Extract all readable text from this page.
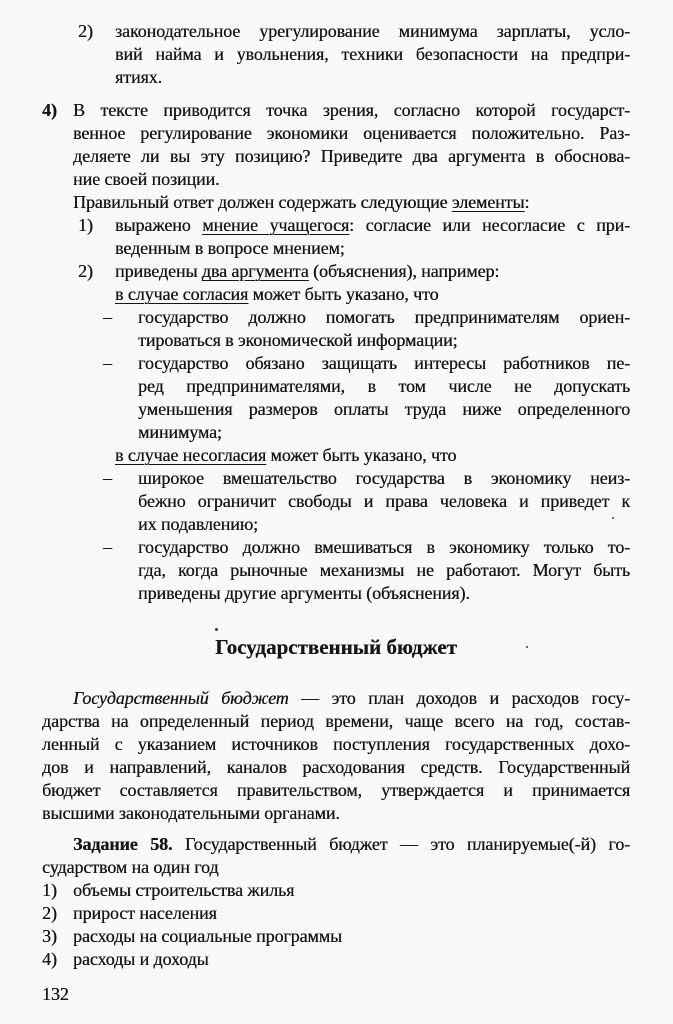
2) законодательное урегулирование минимума зарплаты, усло-
вий найма и увольнения, техники безопасности на предпри-
ятиях.
4) В тексте приводится точка зрения, согласно которой государст-
венное регулирование экономики оценивается положительно. Раз-
деляете ли вы эту позицию? Приведите два аргумента в обоснова-
ние своей позиции.
Правильный ответ должен содержать следующие элементы:
1) выражено мнение учащегося: согласие или несогласие с при-
веденным в вопросе мнением;
2) приведены два аргумента (объяснения), например:
в случае согласия может быть указано, что
– государство должно помогать предпринимателям ориен-
тироваться в экономической информации;
– государство обязано защищать интересы работников пе-
ред предпринимателями, в том числе не допускать
уменьшения размеров оплаты труда ниже определенного
минимума;
в случае несогласия может быть указано, что
– широкое вмешательство государства в экономику неиз-
бежно ограничит свободы и права человека и приведет к
их подавлению;
– государство должно вмешиваться в экономику только то-
гда, когда рыночные механизмы не работают. Могут быть
приведены другие аргументы (объяснения).
Государственный бюджет
Государственный бюджет — это план доходов и расходов госу-
дарства на определенный период времени, чаще всего на год, состав-
ленный с указанием источников поступления государственных дохо-
дов и направлений, каналов расходования средств. Государственный
бюджет составляется правительством, утверждается и принимается
высшими законодательными органами.
Задание 58. Государственный бюджет — это планируемые(-й) го-
сударством на один год
1) объемы строительства жилья
2) прирост населения
3) расходы на социальные программы
4) расходы и доходы
132
